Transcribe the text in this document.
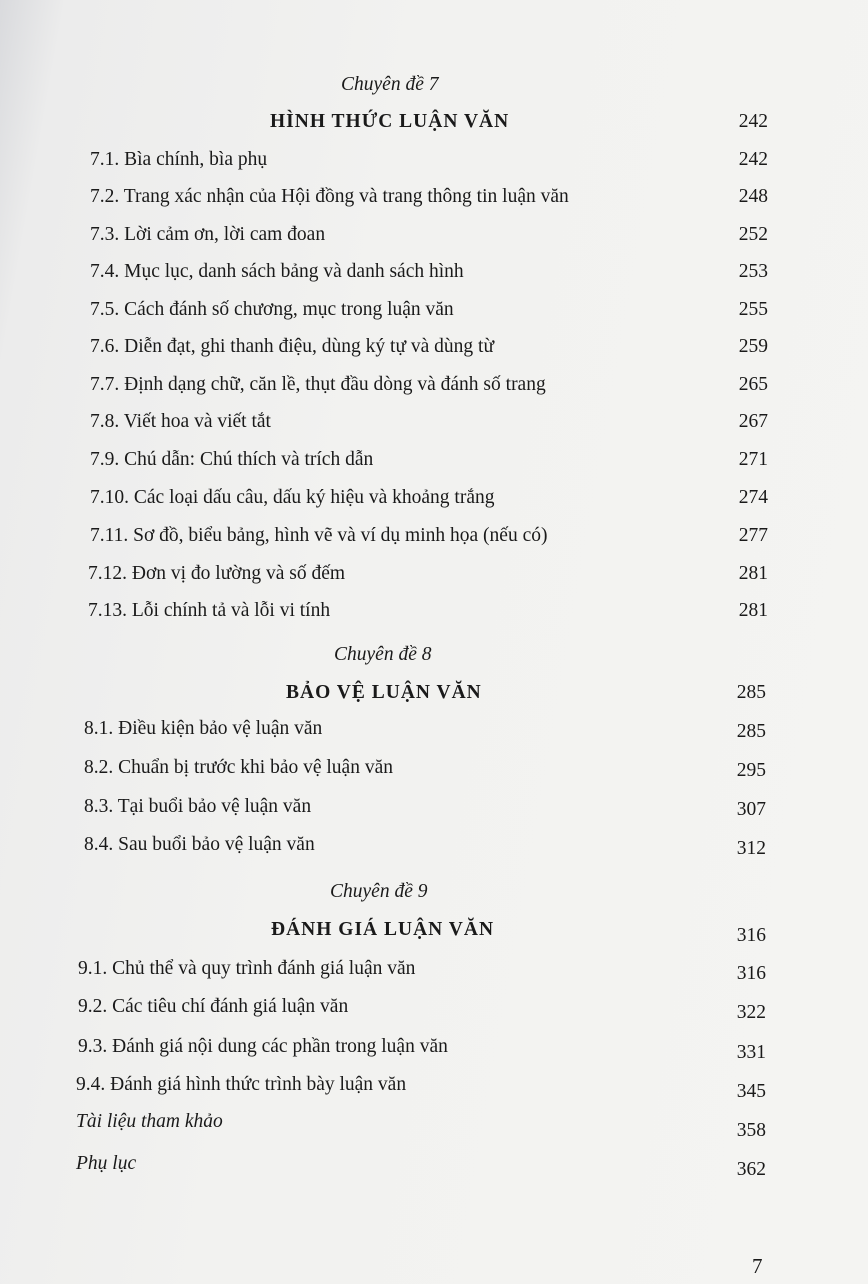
Chuyên đề 7
HÌNH THỨC LUẬN VĂN	242
7.1. Bìa chính, bìa phụ	242
7.2. Trang xác nhận của Hội đồng và trang thông tin luận văn	248
7.3. Lời cảm ơn, lời cam đoan	252
7.4. Mục lục, danh sách bảng và danh sách hình	253
7.5. Cách đánh số chương, mục trong luận văn	255
7.6. Diễn đạt, ghi thanh điệu, dùng ký tự và dùng từ	259
7.7. Định dạng chữ, căn lề, thụt đầu dòng và đánh số trang	265
7.8. Viết hoa và viết tắt	267
7.9. Chú dẫn: Chú thích và trích dẫn	271
7.10. Các loại dấu câu, dấu ký hiệu và khoảng trắng	274
7.11. Sơ đồ, biểu bảng, hình vẽ và ví dụ minh họa (nếu có)	277
7.12. Đơn vị đo lường và số đếm	281
7.13. Lỗi chính tả và lỗi vi tính	281
Chuyên đề 8
BẢO VỆ LUẬN VĂN	285
8.1. Điều kiện bảo vệ luận văn	285
8.2. Chuẩn bị trước khi bảo vệ luận văn	295
8.3. Tại buổi bảo vệ luận văn	307
8.4. Sau buổi bảo vệ luận văn	312
Chuyên đề 9
ĐÁNH GIÁ LUẬN VĂN	316
9.1. Chủ thể và quy trình đánh giá luận văn	316
9.2. Các tiêu chí đánh giá luận văn	322
9.3. Đánh giá nội dung các phần trong luận văn	331
9.4. Đánh giá hình thức trình bày luận văn	345
Tài liệu tham khảo	358
Phụ lục	362
7
